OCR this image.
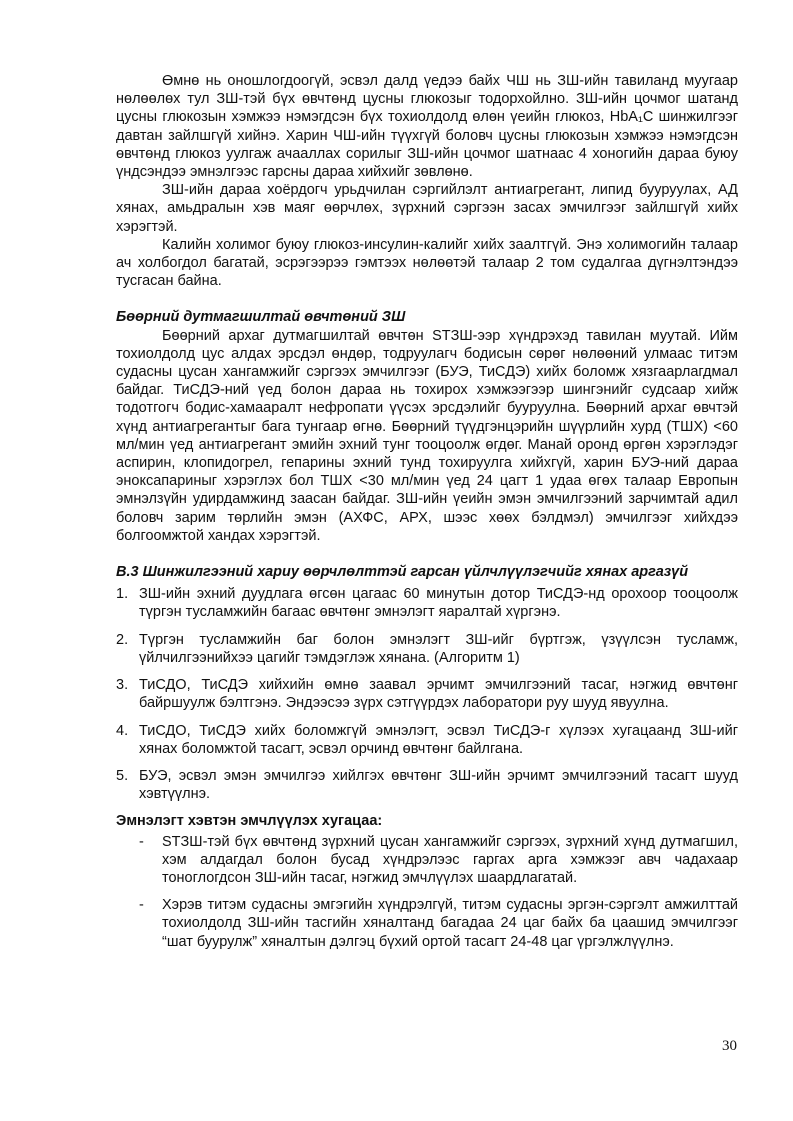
Өмнө нь оношлогдоогүй, эсвэл далд үедээ байх ЧШ нь ЗШ-ийн тавиланд муугаар нөлөөлөх тул ЗШ-тэй бүх өвчтөнд цусны глюкозыг тодорхойлно. ЗШ-ийн цочмог шатанд цусны глюкозын хэмжээ нэмэгдсэн бүх тохиолдолд өлөн үеийн глюкоз, HbA₁C шинжилгээг давтан зайлшгүй хийнэ. Харин ЧШ-ийн түүхгүй боловч цусны глюкозын хэмжээ нэмэгдсэн өвчтөнд глюкоз уулгаж ачааллах сорилыг ЗШ-ийн цочмог шатнаас 4 хоногийн дараа буюу үндсэндээ эмнэлгээс гарсны дараа хийхийг зөвлөнө.

ЗШ-ийн дараа хоёрдогч урьдчилан сэргийлэлт антиагрегант, липид бууруулах, АД хянах, амьдралын хэв маяг өөрчлөх, зүрхний сэргээн засах эмчилгээг зайлшгүй хийх хэрэгтэй.

Калийн холимог буюу глюкоз-инсулин-калийг хийх заалтгүй. Энэ холимогийн талаар ач холбогдол багатай, эсрэгээрээ гэмтээх нөлөөтэй талаар 2 том судалгаа дүгнэлтэндээ тусгасан байна.

Бөөрний дутмагшилтай өвчтөний ЗШ

Бөөрний архаг дутмагшилтай өвчтөн STЗШ-ээр хүндрэхэд тавилан муутай. Ийм тохиолдолд цус алдах эрсдэл өндөр, тодруулагч бодисын сөрөг нөлөөний улмаас титэм судасны цусан хангамжийг сэргээх эмчилгээг (БУЭ, ТиСДЭ) хийх боломж хязгаарлагдмал байдаг. ТиСДЭ-ний үед болон дараа нь тохирох хэмжээгээр шингэнийг судсаар хийж тодотгогч бодис-хамааралт нефропати үүсэх эрсдэлийг бууруулна. Бөөрний архаг өвчтэй хүнд антиагрегантыг бага тунгаар өгнө. Бөөрний түүдгэнцэрийн шүүрлийн хурд (ТШХ) <60 мл/мин үед антиагрегант эмийн эхний тунг тооцоолж өгдөг. Манай оронд өргөн хэрэглэдэг аспирин, клопидогрел, гепарины эхний тунд тохируулга хийхгүй, харин БУЭ-ний дараа эноксапариныг хэрэглэх бол ТШХ <30 мл/мин үед 24 цагт 1 удаа өгөх талаар Европын эмнэлзүйн удирдамжинд заасан байдаг. ЗШ-ийн үеийн эмэн эмчилгээний зарчимтай адил боловч зарим төрлийн эмэн (АХФС, АРХ, шээс хөөх бэлдмэл) эмчилгээг хийхдээ болгоомжтой хандах хэрэгтэй.

В.3 Шинжилгээний хариу өөрчлөлттэй гарсан үйлчлүүлэгчийг хянах аргазүй

1. ЗШ-ийн эхний дуудлага өгсөн цагаас 60 минутын дотор ТиСДЭ-нд орохоор тооцоолж түргэн тусламжийн багаас өвчтөнг эмнэлэгт яаралтай хүргэнэ.
2. Түргэн тусламжийн баг болон эмнэлэгт ЗШ-ийг бүртгэж, үзүүлсэн тусламж, үйлчилгээнийхээ цагийг тэмдэглэж хянана. (Алгоритм 1)
3. ТиСДО, ТиСДЭ хийхийн өмнө заавал эрчимт эмчилгээний тасаг, нэгжид өвчтөнг байршуулж бэлтгэнэ. Эндээсээ зүрх сэтгүүрдэх лаборатори руу шууд явуулна.
4. ТиСДО, ТиСДЭ хийх боломжгүй эмнэлэгт, эсвэл ТиСДЭ-г хүлээх хугацаанд ЗШ-ийг хянах боломжтой тасагт, эсвэл орчинд өвчтөнг байлгана.
5. БУЭ, эсвэл эмэн эмчилгээ хийлгэх өвчтөнг ЗШ-ийн эрчимт эмчилгээний тасагт шууд хэвтүүлнэ.

Эмнэлэгт хэвтэн эмчлүүлэх хугацаа:

- STЗШ-тэй бүх өвчтөнд зүрхний цусан хангамжийг сэргээх, зүрхний хүнд дутмагшил, хэм алдагдал болон бусад хүндрэлээс гаргах арга хэмжээг авч чадахаар тоноглогдсон ЗШ-ийн тасаг, нэгжид эмчлүүлэх шаардлагатай.
- Хэрэв титэм судасны эмгэгийн хүндрэлгүй, титэм судасны эргэн-сэргэлт амжилттай тохиолдолд ЗШ-ийн тасгийн хяналтанд багадаа 24 цаг байх ба цаашид эмчилгээг “шат буурулж” хяналтын дэлгэц бүхий ортой тасагт 24-48 цаг үргэлжлүүлнэ.
30
